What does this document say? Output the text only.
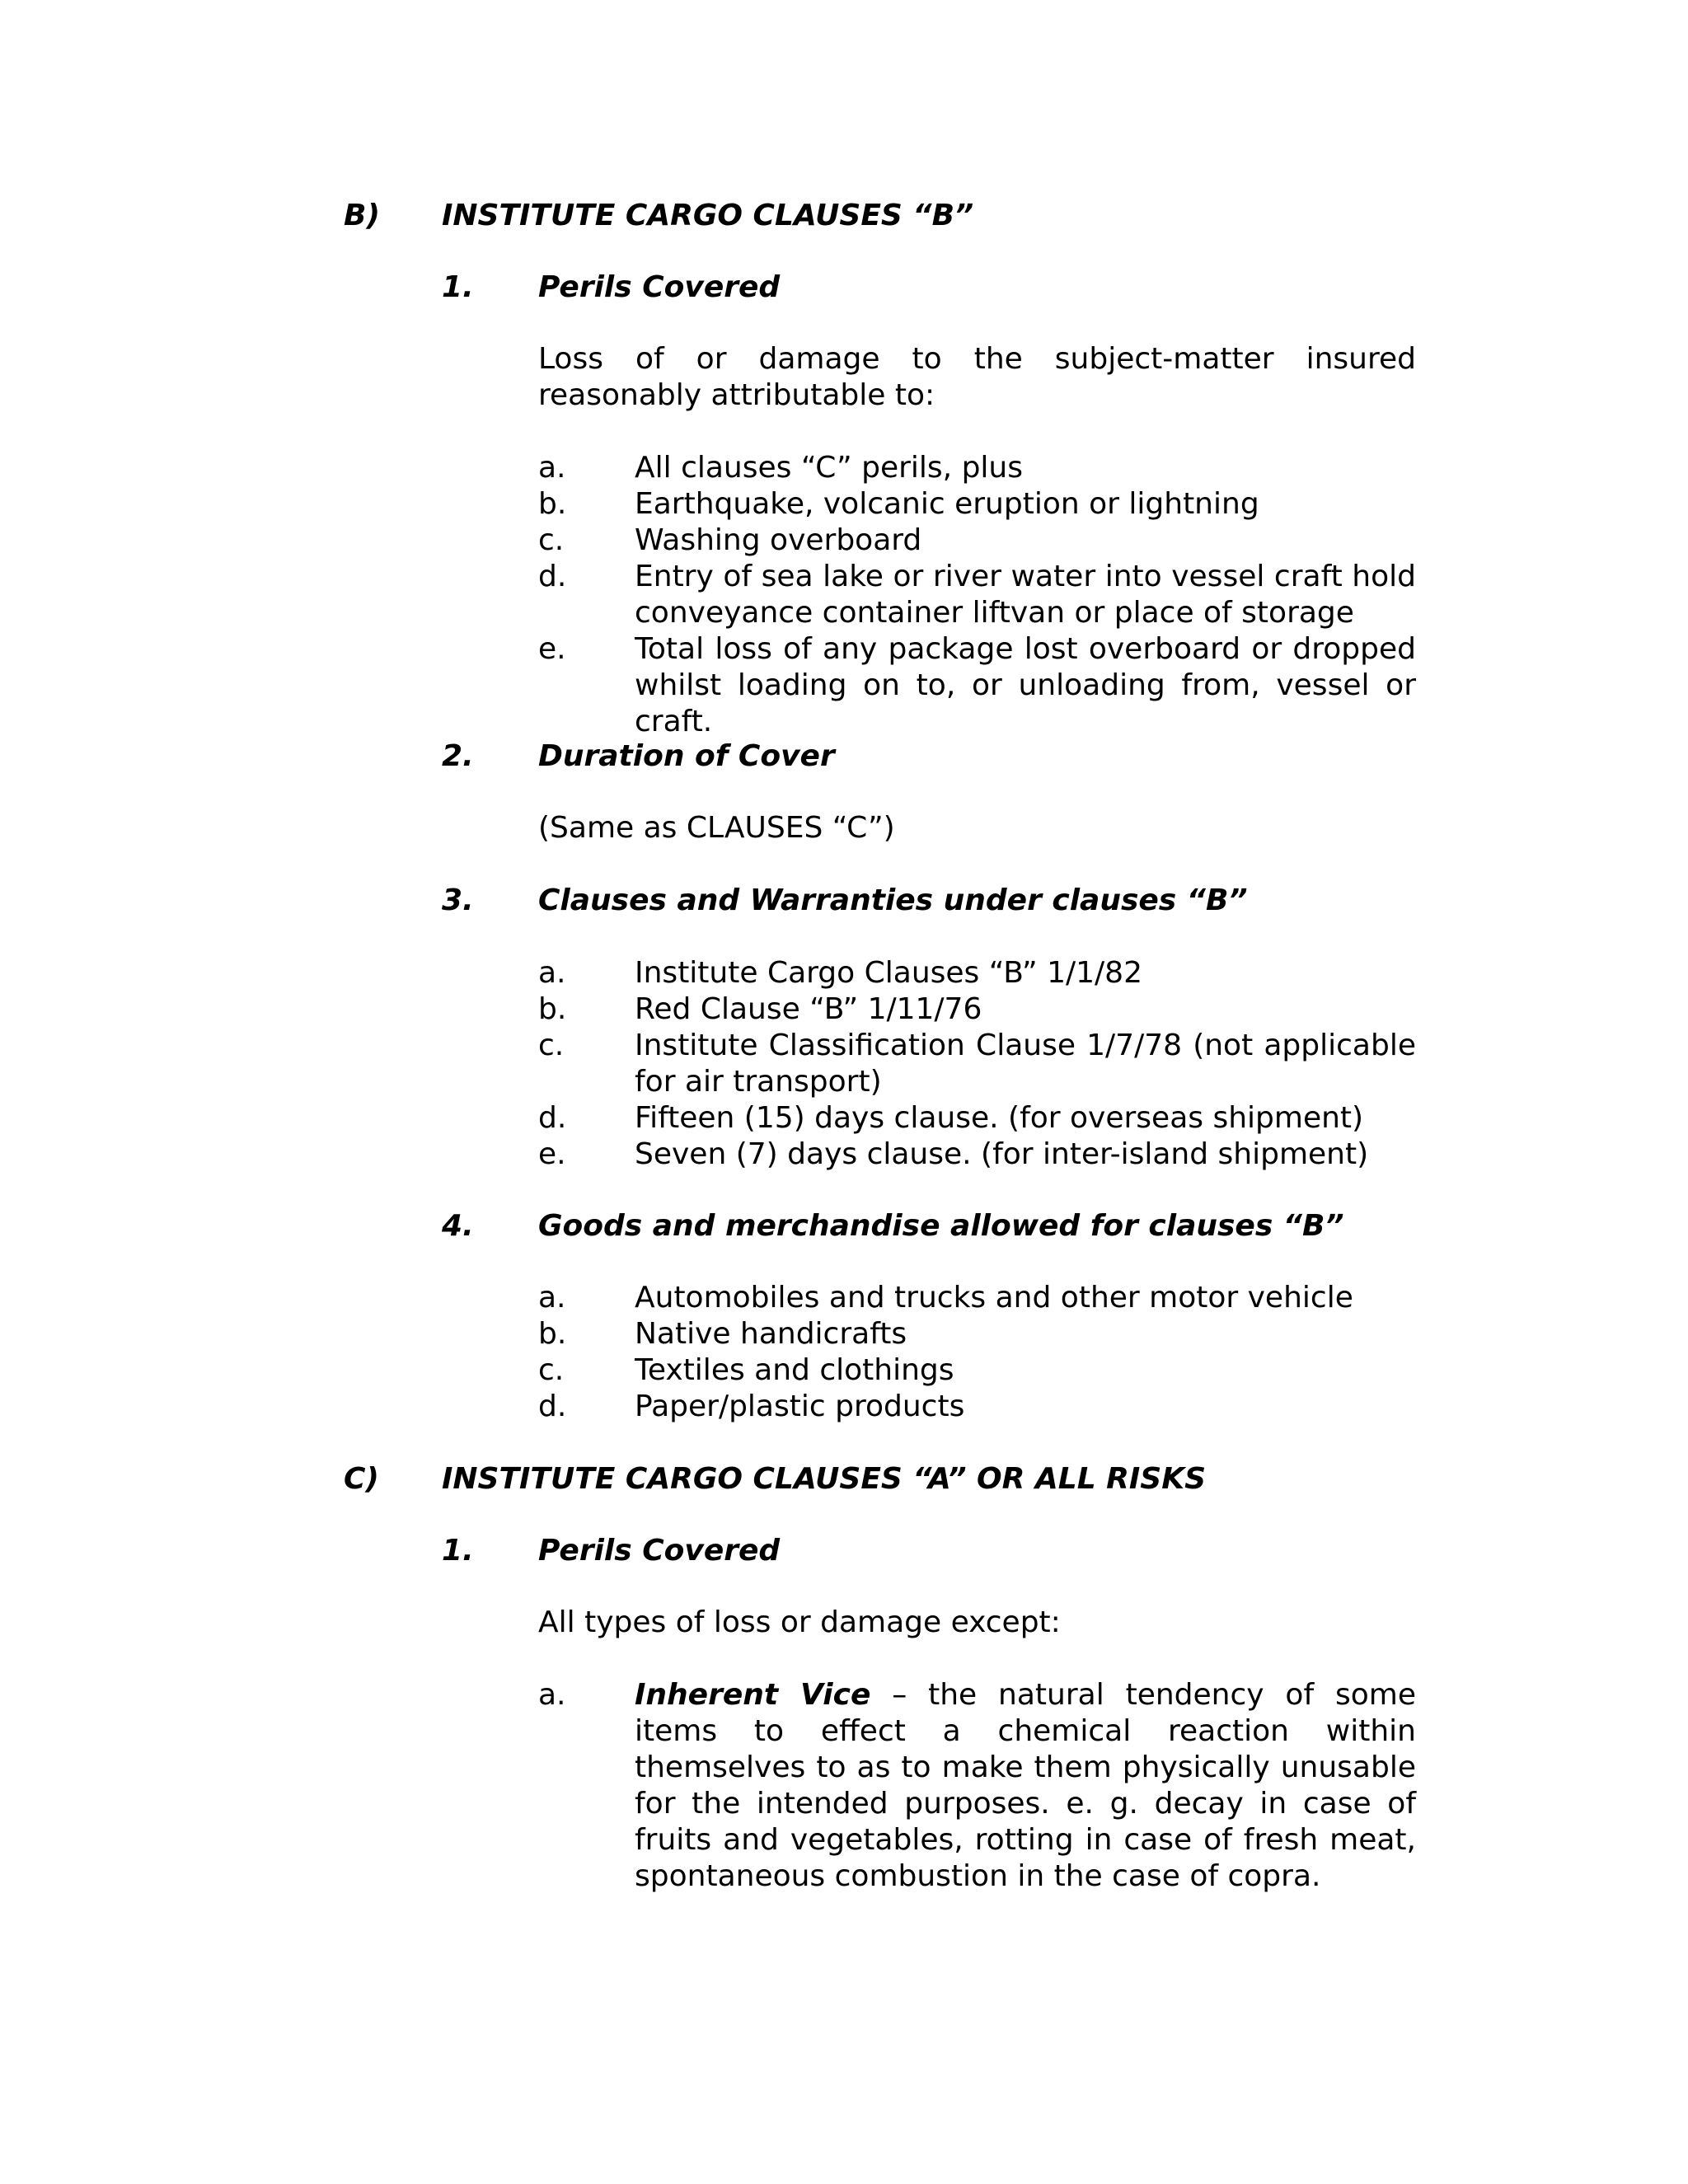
B) INSTITUTE CARGO CLAUSES “B”
1. Perils Covered
Loss of or damage to the subject-matter insured reasonably attributable to:
a. All clauses “C” perils, plus
b. Earthquake, volcanic eruption or lightning
c. Washing overboard
d. Entry of sea lake or river water into vessel craft hold conveyance container liftvan or place of storage
e. Total loss of any package lost overboard or dropped whilst loading on to, or unloading from, vessel or craft.
2. Duration of Cover
(Same as CLAUSES “C”)
3. Clauses and Warranties under clauses “B”
a. Institute Cargo Clauses “B” 1/1/82
b. Red Clause “B” 1/11/76
c. Institute Classification Clause 1/7/78 (not applicable for air transport)
d. Fifteen (15) days clause. (for overseas shipment)
e. Seven (7) days clause. (for inter-island shipment)
4. Goods and merchandise allowed for clauses “B”
a. Automobiles and trucks and other motor vehicle
b. Native handicrafts
c. Textiles and clothings
d. Paper/plastic products
C) INSTITUTE CARGO CLAUSES “A” OR ALL RISKS
1. Perils Covered
All types of loss or damage except:
a. Inherent Vice – the natural tendency of some items to effect a chemical reaction within themselves to as to make them physically unusable for the intended purposes. e. g. decay in case of fruits and vegetables, rotting in case of fresh meat, spontaneous combustion in the case of copra.
